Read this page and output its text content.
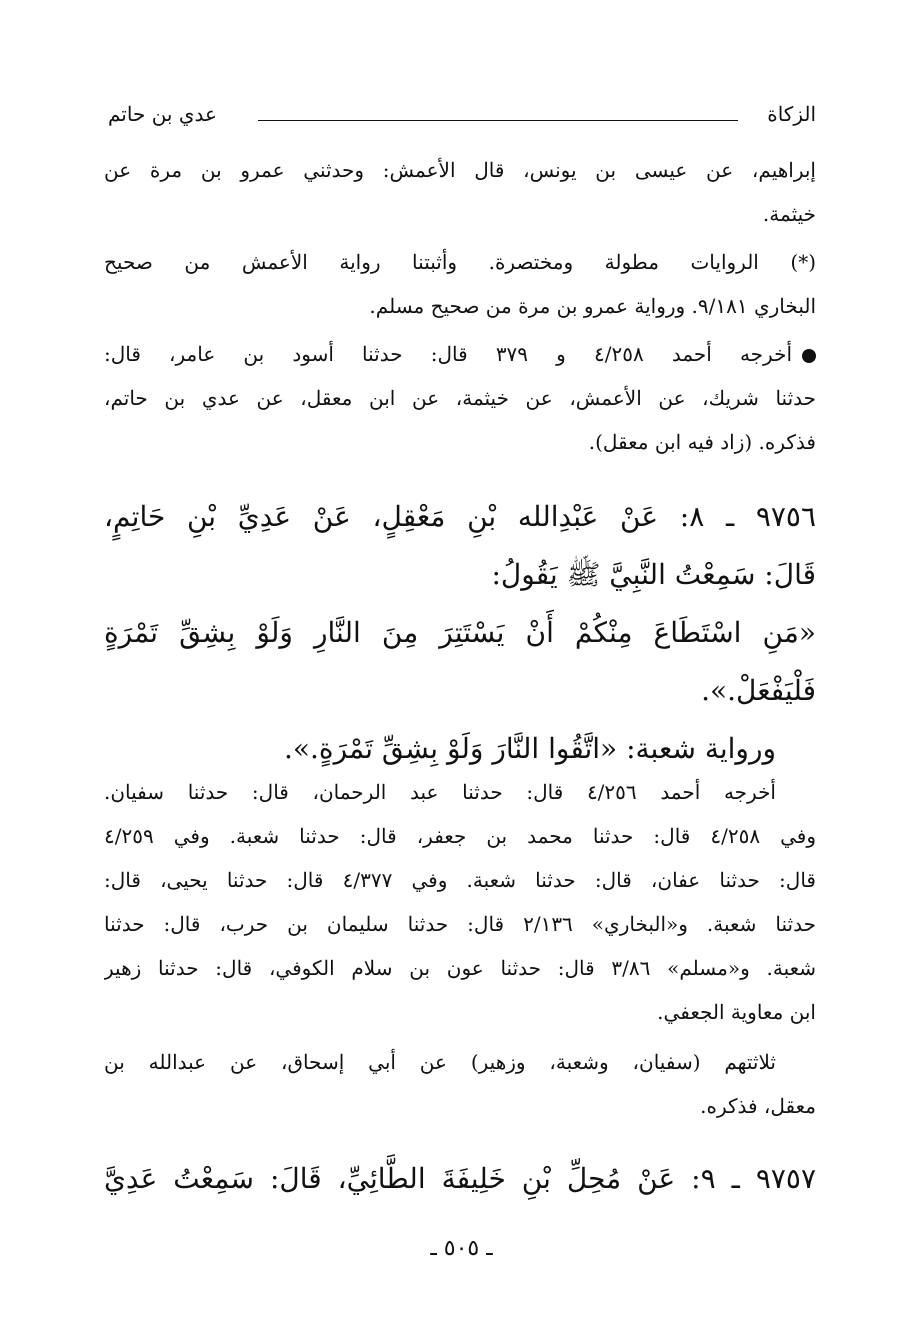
الزكاة
عدي بن حاتم
إبراهيم، عن عيسى بن يونس، قال الأعمش: وحدثني عمرو بن مرة عن
خيثمة.
(*) الروايات مطولة ومختصرة. وأثبتنا رواية الأعمش من صحيح
البخاري ٩/١٨١. ورواية عمرو بن مرة من صحيح مسلم.
أخرجه أحمد ٤/٢٥٨ و ٣٧٩ قال: حدثنا أسود بن عامر، قال:
حدثنا شريك، عن الأعمش، عن خيثمة، عن ابن معقل، عن عدي بن حاتم،
فذكره. (زاد فيه ابن معقل).
٩٧٥٦ ـ ٨: عَنْ عَبْدِالله بْنِ مَعْقِلٍ، عَنْ عَدِيِّ بْنِ حَاتِمٍ،
قَالَ: سَمِعْتُ النَّبِيَّ ﷺ يَقُولُ:
«مَنِ اسْتَطَاعَ مِنْكُمْ أَنْ يَسْتَتِرَ مِنَ النَّارِ وَلَوْ بِشِقِّ تَمْرَةٍ
فَلْيَفْعَلْ.».
ورواية شعبة: «اتَّقُوا النَّارَ وَلَوْ بِشِقِّ تَمْرَةٍ.».
أخرجه أحمد ٤/٢٥٦ قال: حدثنا عبد الرحمان، قال: حدثنا سفيان.
وفي ٤/٢٥٨ قال: حدثنا محمد بن جعفر، قال: حدثنا شعبة. وفي ٤/٢٥٩
قال: حدثنا عفان، قال: حدثنا شعبة. وفي ٤/٣٧٧ قال: حدثنا يحيى، قال:
حدثنا شعبة. و«البخاري» ٢/١٣٦ قال: حدثنا سليمان بن حرب، قال: حدثنا
شعبة. و«مسلم» ٣/٨٦ قال: حدثنا عون بن سلام الكوفي، قال: حدثنا زهير
ابن معاوية الجعفي.
ثلاثتهم (سفيان، وشعبة، وزهير) عن أبي إسحاق، عن عبدالله بن
معقل، فذكره.
٩٧٥٧ ـ ٩: عَنْ مُحِلِّ بْنِ خَلِيفَةَ الطَّائِيِّ، قَالَ: سَمِعْتُ عَدِيَّ
ـ ٥٠٥ ـ
